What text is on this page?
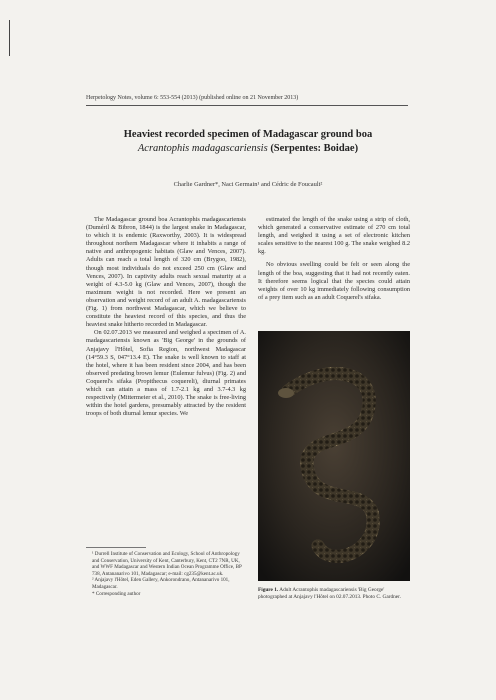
Herpetology Notes, volume 6: 553-554 (2013) (published online on 21 November 2013)
Heaviest recorded specimen of Madagascar ground boa
Acrantophis madagascariensis (Serpentes: Boidae)
Charlie Gardner*, Naci Germain¹ and Cédric de Foucault²

The Madagascar ground boa Acrantophis madagascariensis (Duméril & Bibron, 1844) is the largest snake in Madagascar, to which it is endemic (Raxworthy, 2003). It is widespread throughout northern Madagascar where it inhabits a range of native and anthropogenic habitats (Glaw and Vences, 2007). Adults can reach a total length of 320 cm (Brygoo, 1982), though most individuals do not exceed 250 cm (Glaw and Vences, 2007). In captivity adults reach sexual maturity at a weight of 4.3-5.0 kg (Glaw and Vences, 2007), though the maximum weight is not recorded. Here we present an observation and weight record of an adult A. madagascariensis (Fig. 1) from northwest Madagascar, which we believe to constitute the heaviest record of this species, and thus the heaviest snake hitherto recorded in Madagascar.

On 02.07.2013 we measured and weighed a specimen of A. madagascariensis known as 'Big George' in the grounds of Anjajavy l'Hôtel, Sofia Region, northwest Madagascar (14°59.3 S, 047°13.4 E). The snake is well known to staff at the hotel, where it has been resident since 2004, and has been observed predating brown lemur (Eulemur fulvus) (Fig. 2) and Coquerel's sifaka (Propithecus coquereli), diurnal primates which can attain a mass of 1.7-2.1 kg and 3.7-4.3 kg respectively (Mittermeier et al., 2010). The snake is free-living within the hotel gardens, presumably attracted by the resident troops of both diurnal lemur species. We

estimated the length of the snake using a strip of cloth, which generated a conservative estimate of 270 cm total length, and weighed it using a set of electronic kitchen scales sensitive to the nearest 100 g. The snake weighed 8.2 kg.

No obvious swelling could be felt or seen along the length of the boa, suggesting that it had not recently eaten. It therefore seems logical that the species could attain weights of over 10 kg immediately following consumption of a prey item such as an adult Coquerel's sifaka.

Figure 1. Adult Acrantophis madagascariensis 'Big George' photographed at Anjajavy l'Hôtel on 02.07.2013. Photo C. Gardner.

¹ Durrell Institute of Conservation and Ecology, School of Anthropology and Conservation, University of Kent, Canterbury, Kent, CT2 7NR, UK, and WWF Madagascar and Western Indian Ocean Programme Office, BP 738, Antananarivo 101, Madagascar; e-mail: cg235@kent.ac.uk.

² Anjajavy l'Hôtel, Eden Gallery, Ankorondrano, Antananarivo 101, Madagascar.

* Corresponding author
